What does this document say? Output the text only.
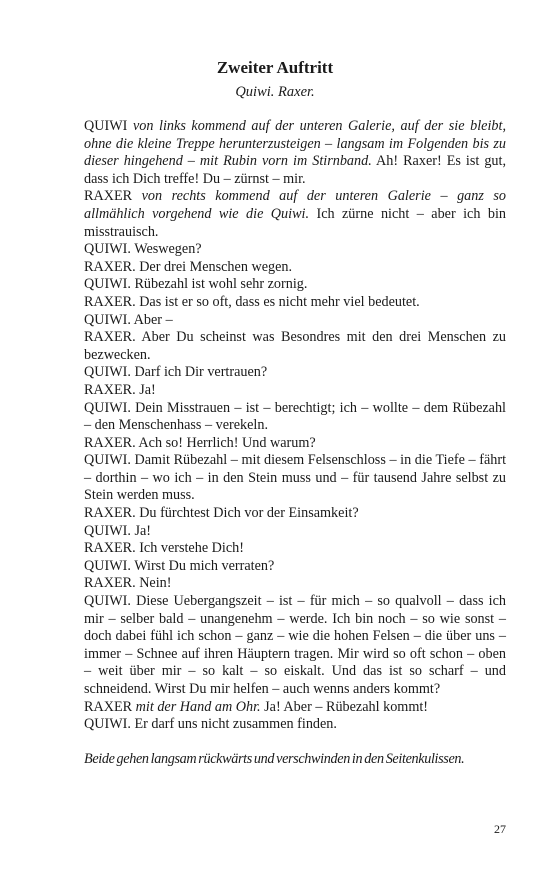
Zweiter Auftritt
Quiwi. Raxer.

QUIWI von links kommend auf der unteren Galerie, auf der sie bleibt, ohne die kleine Treppe herunterzusteigen – langsam im Folgenden bis zu dieser hingehend – mit Rubin vorn im Stirnband. Ah! Raxer! Es ist gut, dass ich Dich treffe! Du – zürnst – mir.

RAXER von rechts kommend auf der unteren Galerie – ganz so allmählich vorgehend wie die Quiwi. Ich zürne nicht – aber ich bin misstrauisch.

QUIWI. Weswegen?

RAXER. Der drei Menschen wegen.

QUIWI. Rübezahl ist wohl sehr zornig.

RAXER. Das ist er so oft, dass es nicht mehr viel bedeutet.

QUIWI. Aber –

RAXER. Aber Du scheinst was Besondres mit den drei Menschen zu bezwecken.

QUIWI. Darf ich Dir vertrauen?

RAXER. Ja!

QUIWI. Dein Misstrauen – ist – berechtigt; ich – wollte – dem Rübezahl – den Menschenhass – verekeln.

RAXER. Ach so! Herrlich! Und warum?

QUIWI. Damit Rübezahl – mit diesem Felsenschloss – in die Tiefe – fährt – dorthin – wo ich – in den Stein muss und – für tausend Jahre selbst zu Stein werden muss.

RAXER. Du fürchtest Dich vor der Einsamkeit?

QUIWI. Ja!

RAXER. Ich verstehe Dich!

QUIWI. Wirst Du mich verraten?

RAXER. Nein!

QUIWI. Diese Uebergangszeit – ist – für mich – so qualvoll – dass ich mir – selber bald – unangenehm – werde. Ich bin noch – so wie sonst – doch dabei fühl ich schon – ganz – wie die hohen Felsen – die über uns – immer – Schnee auf ihren Häuptern tragen. Mir wird so oft schon – oben – weit über mir – so kalt – so eiskalt. Und das ist so scharf – und schneidend. Wirst Du mir helfen – auch wenns anders kommt?

RAXER mit der Hand am Ohr. Ja! Aber – Rübezahl kommt!

QUIWI. Er darf uns nicht zusammen finden.

Beide gehen langsam rückwärts und verschwinden in den Seitenkulissen.

27
